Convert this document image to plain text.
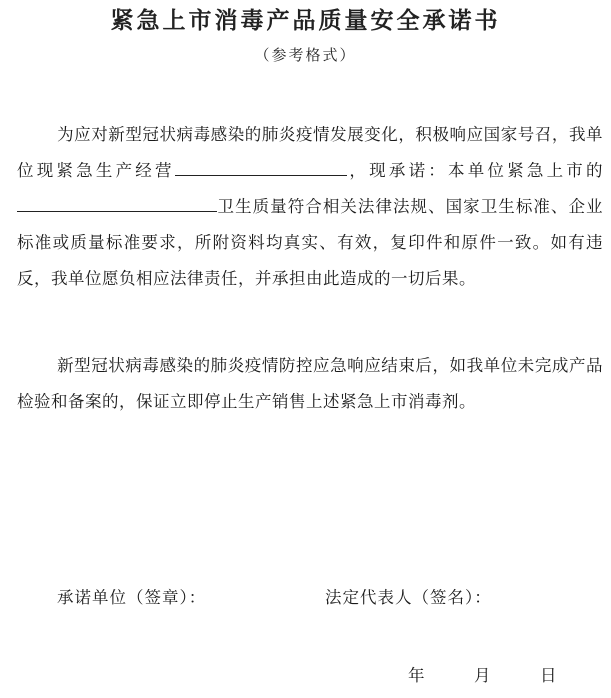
紧急上市消毒产品质量安全承诺书
（参考格式）
为应对新型冠状病毒感染的肺炎疫情发展变化，积极响应国家号召，我单位现紧急生产经营	，现承诺：本单位紧急上市的卫生质量符合相关法律法规、国家卫生标准、企业标准或质量标准要求，所附资料均真实、有效，复印件和原件一致。如有违反，我单位愿负相应法律责任，并承担由此造成的一切后果。
新型冠状病毒感染的肺炎疫情防控应急响应结束后，如我单位未完成产品检验和备案的，保证立即停止生产销售上述紧急上市消毒剂。
承诺单位（签章）：	法定代表人（签名）：
年	月	日
